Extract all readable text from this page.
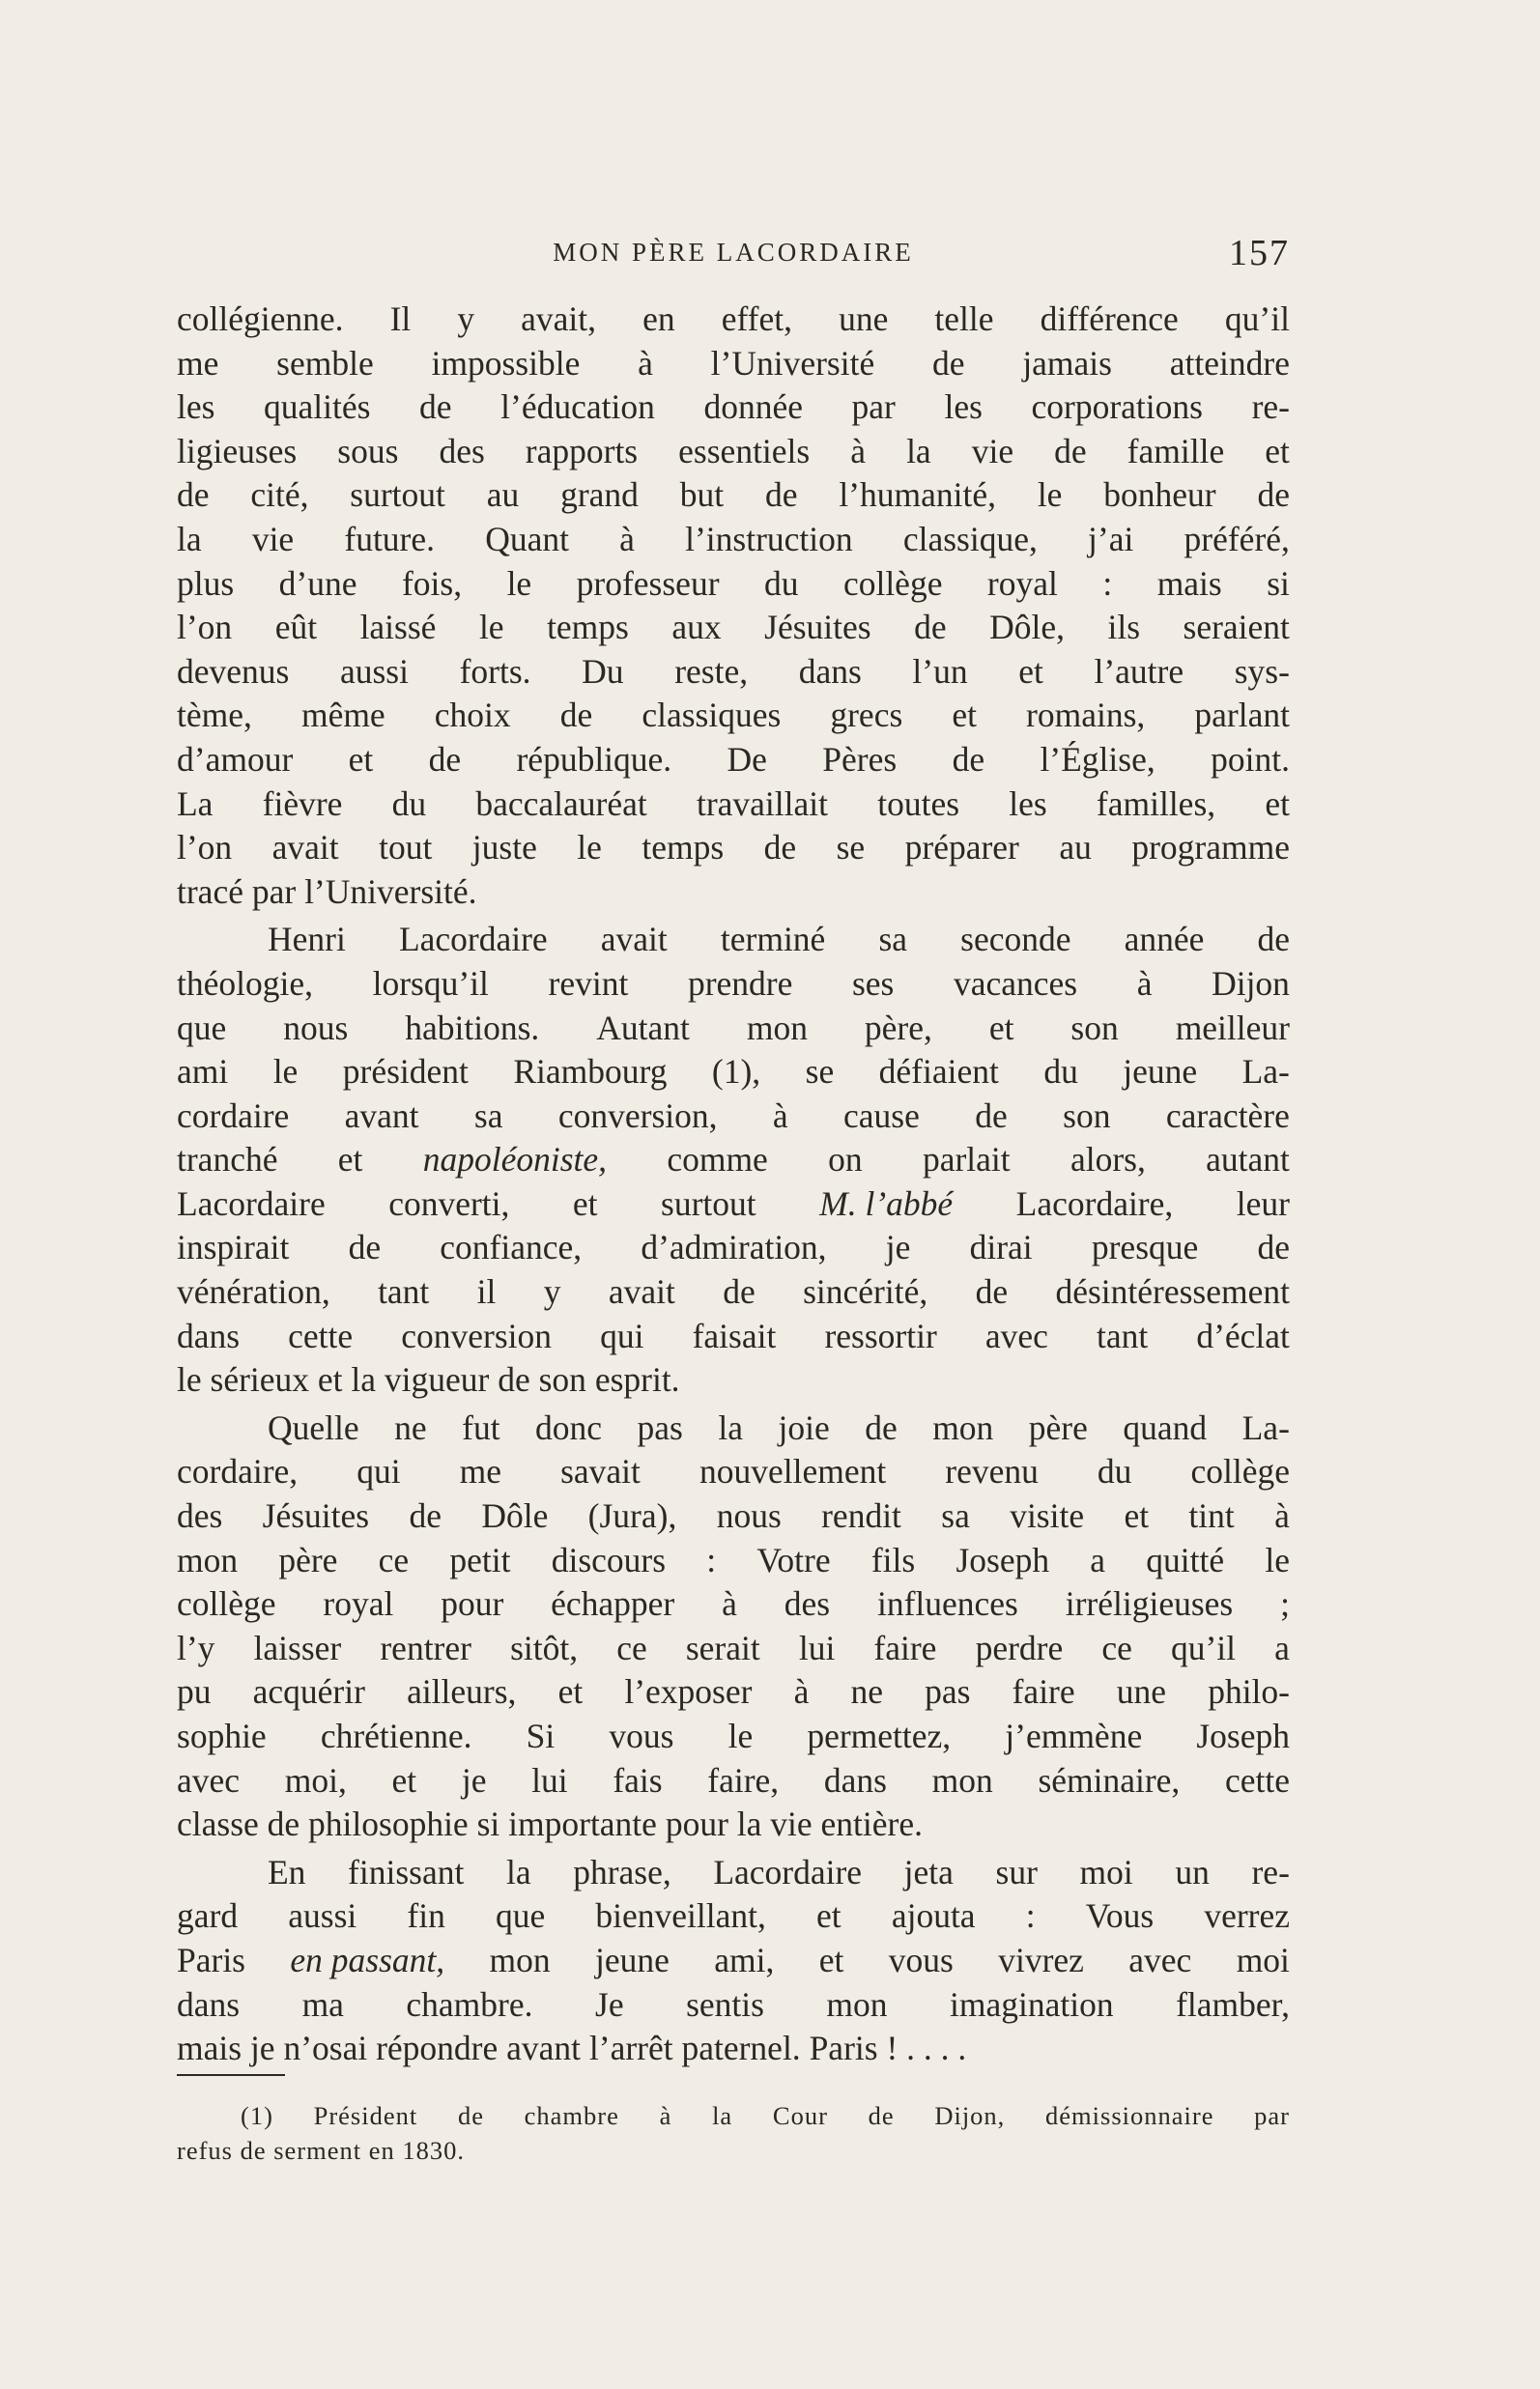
MON PÈRE LACORDAIRE	157
collégienne. Il y avait, en effet, une telle différence qu’il
me semble impossible à l’Université de jamais atteindre
les qualités de l’éducation donnée par les corporations re-
ligieuses sous des rapports essentiels à la vie de famille et
de cité, surtout au grand but de l’humanité, le bonheur de
la vie future. Quant à l’instruction classique, j’ai préféré,
plus d’une fois, le professeur du collège royal : mais si
l’on eût laissé le temps aux Jésuites de Dôle, ils seraient
devenus aussi forts. Du reste, dans l’un et l’autre sys-
tème, même choix de classiques grecs et romains, parlant
d’amour et de république. De Pères de l’Église, point.
La fièvre du baccalauréat travaillait toutes les familles, et
l’on avait tout juste le temps de se préparer au programme
tracé par l’Université.
Henri Lacordaire avait terminé sa seconde année de
théologie, lorsqu’il revint prendre ses vacances à Dijon
que nous habitions. Autant mon père, et son meilleur
ami le président Riambourg (1), se défiaient du jeune La-
cordaire avant sa conversion, à cause de son caractère
tranché et napoléoniste, comme on parlait alors, autant
Lacordaire converti, et surtout M. l’abbé Lacordaire, leur
inspirait de confiance, d’admiration, je dirai presque de
vénération, tant il y avait de sincérité, de désintéressement
dans cette conversion qui faisait ressortir avec tant d’éclat
le sérieux et la vigueur de son esprit.
Quelle ne fut donc pas la joie de mon père quand La-
cordaire, qui me savait nouvellement revenu du collège
des Jésuites de Dôle (Jura), nous rendit sa visite et tint à
mon père ce petit discours : Votre fils Joseph a quitté le
collège royal pour échapper à des influences irréligieuses ;
l’y laisser rentrer sitôt, ce serait lui faire perdre ce qu’il a
pu acquérir ailleurs, et l’exposer à ne pas faire une philo-
sophie chrétienne. Si vous le permettez, j’emmène Joseph
avec moi, et je lui fais faire, dans mon séminaire, cette
classe de philosophie si importante pour la vie entière.
En finissant la phrase, Lacordaire jeta sur moi un re-
gard aussi fin que bienveillant, et ajouta : Vous verrez
Paris en passant, mon jeune ami, et vous vivrez avec moi
dans ma chambre. Je sentis mon imagination flamber,
mais je n’osai répondre avant l’arrêt paternel. Paris ! . . . .
(1) Président de chambre à la Cour de Dijon, démissionnaire par
refus de serment en 1830.
